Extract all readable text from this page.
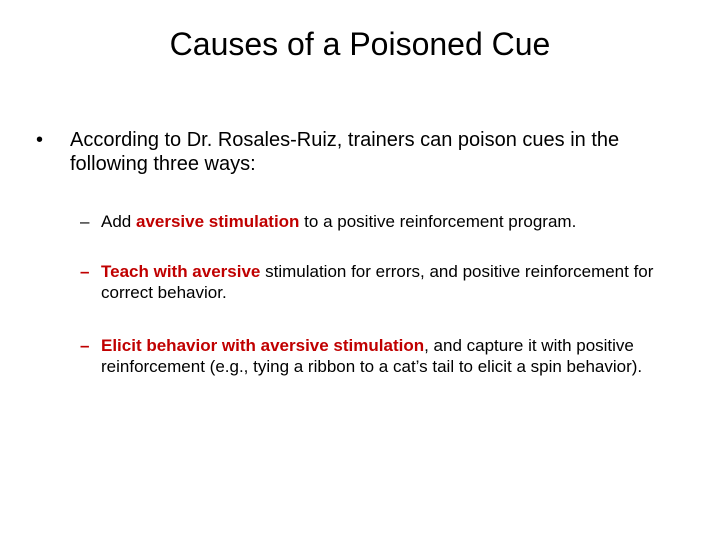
Causes of a Poisoned Cue
•	According to Dr. Rosales-Ruiz, trainers can poison cues in the following three ways:
– Add aversive stimulation to a positive reinforcement program.
– Teach with aversive stimulation for errors, and positive reinforcement for correct behavior.
– Elicit behavior with aversive stimulation, and capture it with positive reinforcement (e.g., tying a ribbon to a cat’s tail to elicit a spin behavior).
